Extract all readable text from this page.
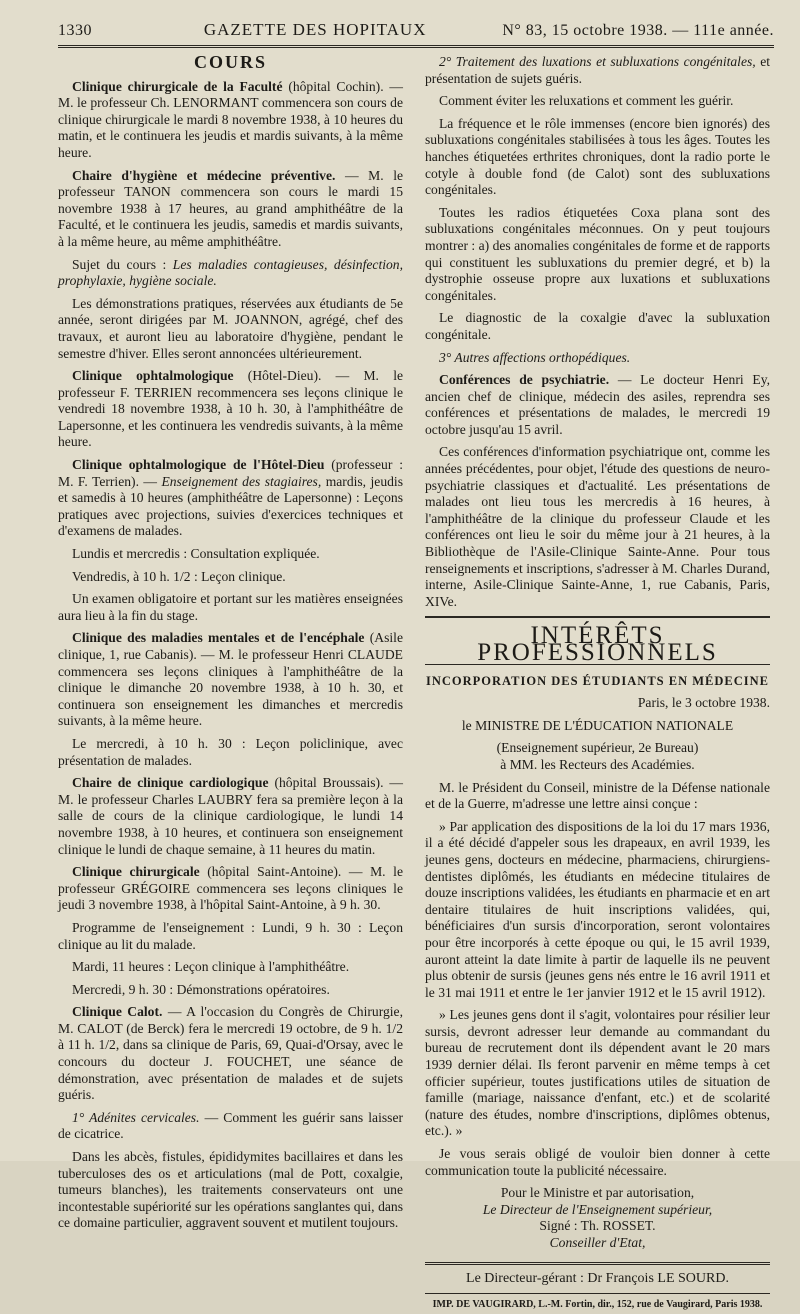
1330	GAZETTE DES HOPITAUX	N° 83, 15 octobre 1938. — 111e année.
COURS

Clinique chirurgicale de la Faculté (hôpital Cochin). — M. le professeur Ch. LENORMANT commencera son cours de clinique chirurgicale le mardi 8 novembre 1938, à 10 heures du matin, et le continuera les jeudis et mardis suivants, à la même heure.

Chaire d'hygiène et médecine préventive. — M. le professeur TANON commencera son cours le mardi 15 novembre 1938 à 17 heures, au grand amphithéâtre de la Faculté, et le continuera les jeudis, samedis et mardis suivants, à la même heure, au même amphithéâtre.

Sujet du cours : Les maladies contagieuses, désinfection, prophylaxie, hygiène sociale.

Les démonstrations pratiques, réservées aux étudiants de 5e année, seront dirigées par M. JOANNON, agrégé, chef des travaux, et auront lieu au laboratoire d'hygiène, pendant le semestre d'hiver. Elles seront annoncées ultérieurement.

Clinique ophtalmologique (Hôtel-Dieu). — M. le professeur F. TERRIEN recommencera ses leçons clinique le vendredi 18 novembre 1938, à 10 h. 30, à l'amphithéâtre de Lapersonne, et les continuera les vendredis suivants, à la même heure.

Clinique ophtalmologique de l'Hôtel-Dieu (professeur : M. F. Terrien). — Enseignement des stagiaires, mardis, jeudis et samedis à 10 heures (amphithéâtre de Lapersonne) : Leçons pratiques avec projections, suivies d'exercices techniques et d'examens de malades.

Lundis et mercredis : Consultation expliquée.

Vendredis, à 10 h. 1/2 : Leçon clinique.

Un examen obligatoire et portant sur les matières enseignées aura lieu à la fin du stage.

Clinique des maladies mentales et de l'encéphale (Asile clinique, 1, rue Cabanis). — M. le professeur Henri CLAUDE commencera ses leçons cliniques à l'amphithéâtre de la clinique le dimanche 20 novembre 1938, à 10 h. 30, et continuera son enseignement les dimanches et mercredis suivants, à la même heure.

Le mercredi, à 10 h. 30 : Leçon policlinique, avec présentation de malades.

Chaire de clinique cardiologique (hôpital Broussais). — M. le professeur Charles LAUBRY fera sa première leçon à la salle de cours de la clinique cardiologique, le lundi 14 novembre 1938, à 10 heures, et continuera son enseignement clinique le lundi de chaque semaine, à 11 heures du matin.

Clinique chirurgicale (hôpital Saint-Antoine). — M. le professeur GRÉGOIRE commencera ses leçons cliniques le jeudi 3 novembre 1938, à l'hôpital Saint-Antoine, à 9 h. 30.

Programme de l'enseignement : Lundi, 9 h. 30 : Leçon clinique au lit du malade.

Mardi, 11 heures : Leçon clinique à l'amphithéâtre.

Mercredi, 9 h. 30 : Démonstrations opératoires.

Clinique Calot. — A l'occasion du Congrès de Chirurgie, M. CALOT (de Berck) fera le mercredi 19 octobre, de 9 h. 1/2 à 11 h. 1/2, dans sa clinique de Paris, 69, Quai-d'Orsay, avec le concours du docteur J. FOUCHET, une séance de démonstration, avec présentation de malades et de sujets guéris.

1° Adénites cervicales. — Comment les guérir sans laisser de cicatrice.

Dans les abcès, fistules, épididymites bacillaires et dans les tuberculoses des os et articulations (mal de Pott, coxalgie, tumeurs blanches), les traitements conservateurs ont une incontestable supériorité sur les opérations sanglantes qui, dans ce domaine particulier, aggravent souvent et mutilent toujours.

2° Traitement des luxations et subluxations congénitales, et présentation de sujets guéris.

Comment éviter les reluxations et comment les guérir.

La fréquence et le rôle immenses (encore bien ignorés) des subluxations congénitales stabilisées à tous les âges. Toutes les hanches étiquetées erthrites chroniques, dont la radio porte le cotyle à double fond (de Calot) sont des subluxations congénitales.

Toutes les radios étiquetées Coxa plana sont des subluxations congénitales méconnues. On y peut toujours montrer : a) des anomalies congénitales de forme et de rapports qui constituent les subluxations du premier degré, et b) la dystrophie osseuse propre aux luxations et subluxations congénitales.

Le diagnostic de la coxalgie d'avec la subluxation congénitale.

3° Autres affections orthopédiques.

Conférences de psychiatrie. — Le docteur Henri Ey, ancien chef de clinique, médecin des asiles, reprendra ses conférences et présentations de malades, le mercredi 19 octobre jusqu'au 15 avril.

Ces conférences d'information psychiatrique ont, comme les années précédentes, pour objet, l'étude des questions de neuro-psychiatrie classiques et d'actualité. Les présentations de malades ont lieu tous les mercredis à 16 heures, à l'amphithéâtre de la clinique du professeur Claude et les conférences ont lieu le soir du même jour à 21 heures, à la Bibliothèque de l'Asile-Clinique Sainte-Anne. Pour tous renseignements et inscriptions, s'adresser à M. Charles Durand, interne, Asile-Clinique Sainte-Anne, 1, rue Cabanis, Paris, XIVe.

INTÉRÊTS PROFESSIONNELS
INCORPORATION DES ÉTUDIANTS EN MÉDECINE

Paris, le 3 octobre 1938.

le MINISTRE DE L'ÉDUCATION NATIONALE

(Enseignement supérieur, 2e Bureau)

à MM. les Recteurs des Académies.

M. le Président du Conseil, ministre de la Défense nationale et de la Guerre, m'adresse une lettre ainsi conçue :

» Par application des dispositions de la loi du 17 mars 1936, il a été décidé d'appeler sous les drapeaux, en avril 1939, les jeunes gens, docteurs en médecine, pharmaciens, chirurgiens-dentistes diplômés, les étudiants en médecine titulaires de douze inscriptions validées, les étudiants en pharmacie et en art dentaire titulaires de huit inscriptions validées, qui, bénéficiaires d'un sursis d'incorporation, seront volontaires pour être incorporés à cette époque ou qui, le 15 avril 1939, auront atteint la date limite à partir de laquelle ils ne peuvent plus obtenir de sursis (jeunes gens nés entre le 16 avril 1911 et le 31 mai 1911 et entre le 1er janvier 1912 et le 15 avril 1912).

» Les jeunes gens dont il s'agit, volontaires pour résilier leur sursis, devront adresser leur demande au commandant du bureau de recrutement dont ils dépendent avant le 20 mars 1939 dernier délai. Ils feront parvenir en même temps à cet officier supérieur, toutes justifications utiles de situation de famille (mariage, naissance d'enfant, etc.) et de scolarité (nature des études, nombre d'inscriptions, diplômes obtenus, etc.). »

Je vous serais obligé de vouloir bien donner à cette communication toute la publicité nécessaire.

Pour le Ministre et par autorisation,

Le Directeur de l'Enseignement supérieur,

Signé : Th. ROSSET.

Conseiller d'Etat,

Le Directeur-gérant : Dr François LE SOURD.
IMP. DE VAUGIRARD, L.-M. Fortin, dir., 152, rue de Vaugirard, Paris 1938.
